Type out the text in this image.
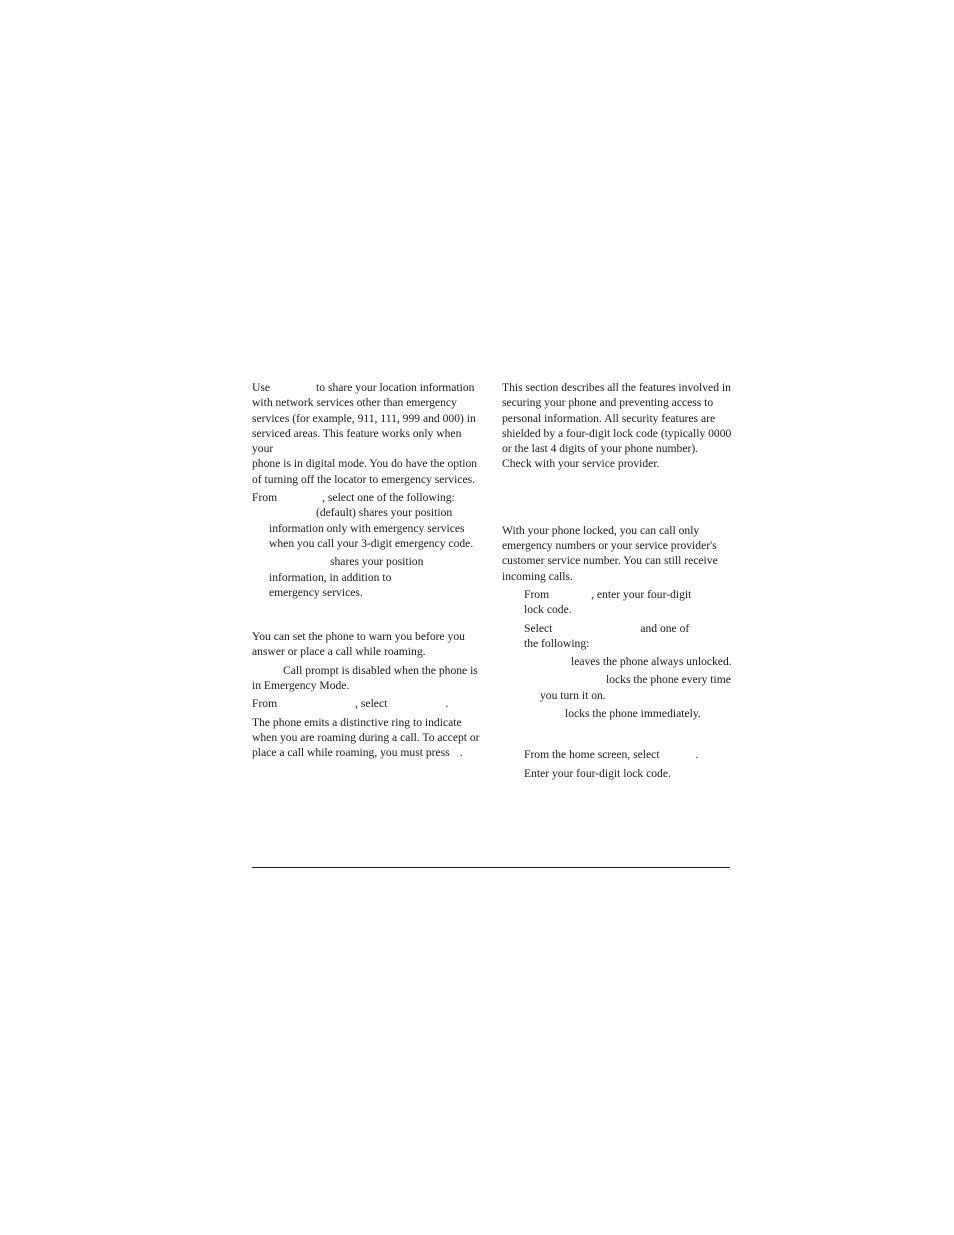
Use	to share your location information
with network services other than emergency
services (for example, 911, 111, 999 and 000) in
serviced areas. This feature works only when your
phone is in digital mode. You do have the option
of turning off the locator to emergency services.

From	, select one of the following:
(default) shares your position
information only with emergency services
when you call your 3-digit emergency code.

shares your position
information, in addition to
emergency services.

You can set the phone to warn you before you
answer or place a call while roaming.

Call prompt is disabled when the phone is
in Emergency Mode.

From	, select	.

The phone emits a distinctive ring to indicate
when you are roaming during a call. To accept or
place a call while roaming, you must press .

This section describes all the features involved in
securing your phone and preventing access to
personal information. All security features are
shielded by a four-digit lock code (typically 0000
or the last 4 digits of your phone number).
Check with your service provider.

With your phone locked, you can call only
emergency numbers or your service provider's
customer service number. You can still receive
incoming calls.

From	, enter your four-digit
lock code.

Select	and one of
the following:

leaves the phone always unlocked.

locks the phone every time
you turn it on.

locks the phone immediately.

From the home screen, select	.

Enter your four-digit lock code.
